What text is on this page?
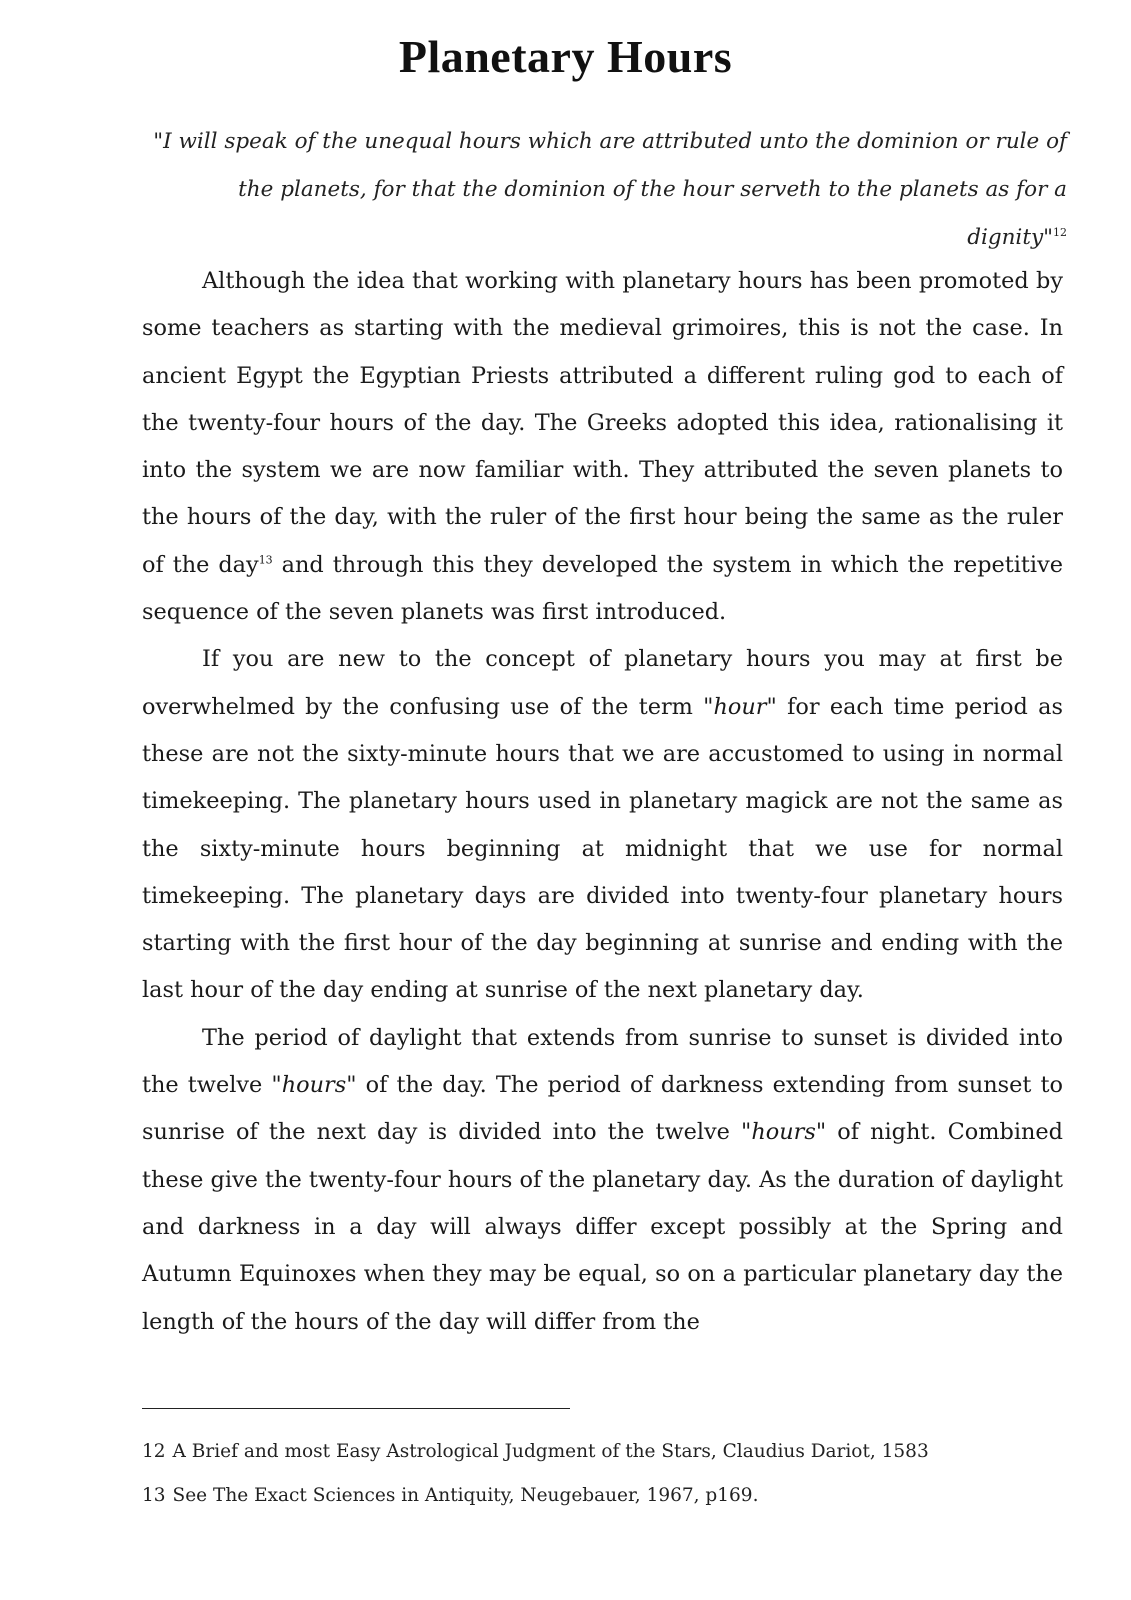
Planetary Hours

"I will speak of the unequal hours which are attributed unto the dominion or rule of the planets, for that the dominion of the hour serveth to the planets as for a dignity"$^{12}$

Although the idea that working with planetary hours has been promoted by some teachers as starting with the medieval grimoires, this is not the case. In ancient Egypt the Egyptian Priests attributed a different ruling god to each of the twenty-four hours of the day. The Greeks adopted this idea, rationalising it into the system we are now familiar with. They attributed the seven planets to the hours of the day, with the ruler of the first hour being the same as the ruler of the day$^{13}$ and through this they developed the system in which the repetitive sequence of the seven planets was first introduced.

If you are new to the concept of planetary hours you may at first be overwhelmed by the confusing use of the term "hour" for each time period as these are not the sixty-minute hours that we are accustomed to using in normal timekeeping. The planetary hours used in planetary magick are not the same as the sixty-minute hours beginning at midnight that we use for normal timekeeping. The planetary days are divided into twenty-four planetary hours starting with the first hour of the day beginning at sunrise and ending with the last hour of the day ending at sunrise of the next planetary day.

The period of daylight that extends from sunrise to sunset is divided into the twelve "hours" of the day. The period of darkness extending from sunset to sunrise of the next day is divided into the twelve "hours" of night. Combined these give the twenty-four hours of the planetary day. As the duration of daylight and darkness in a day will always differ except possibly at the Spring and Autumn Equinoxes when they may be equal, so on a particular planetary day the length of the hours of the day will differ from the

12 A Brief and most Easy Astrological Judgment of the Stars, Claudius Dariot, 1583

13 See The Exact Sciences in Antiquity, Neugebauer, 1967, p169.
